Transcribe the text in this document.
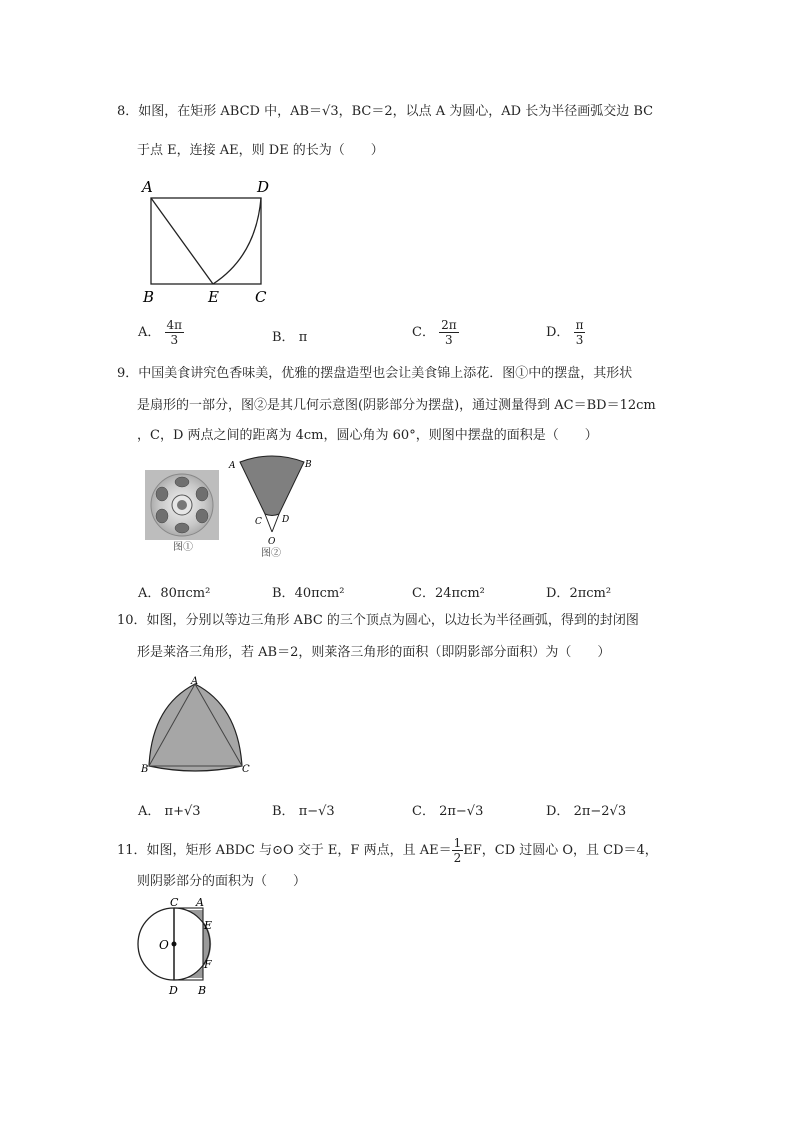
8．如图，在矩形 ABCD 中，AB＝√3，BC＝2，以点 A 为圆心，AD 长为半径画弧交边 BC
于点 E，连接 AE，则 DE 的长为（　　）
A	D
B	E C
A． $\frac{4\pi}{3}$	B． π	C． $\frac{2\pi}{3}$	D． $\frac{\pi}{3}$
9．中国美食讲究色香味美，优雅的摆盘造型也会让美食锦上添花．图①中的摆盘，其形状
是扇形的一部分，图②是其几何示意图(阴影部分为摆盘)，通过测量得到 AC＝BD＝12cm
，C，D 两点之间的距离为 4cm，圆心角为 60°，则图中摆盘的面积是（　　）
图①
A	B
C D
O
图②
A．80πcm²	B．40πcm²	C．24πcm²	D．2πcm²
10．如图，分别以等边三角形 ABC 的三个顶点为圆心，以边长为半径画弧，得到的封闭图
形是莱洛三角形，若 AB＝2，则莱洛三角形的面积（即阴影部分面积）为（　　）
A
B	C
A． π+√3	B． π−√3	C． 2π−√3	D． 2π−2√3
11．如图，矩形 ABDC 与⊙O 交于 E，F 两点，且 $AE= \frac{1}{2}$ EF，CD 过圆心 O，且 CD＝4，
则阴影部分的面积为（　　）
C A
E
O
F
D B
